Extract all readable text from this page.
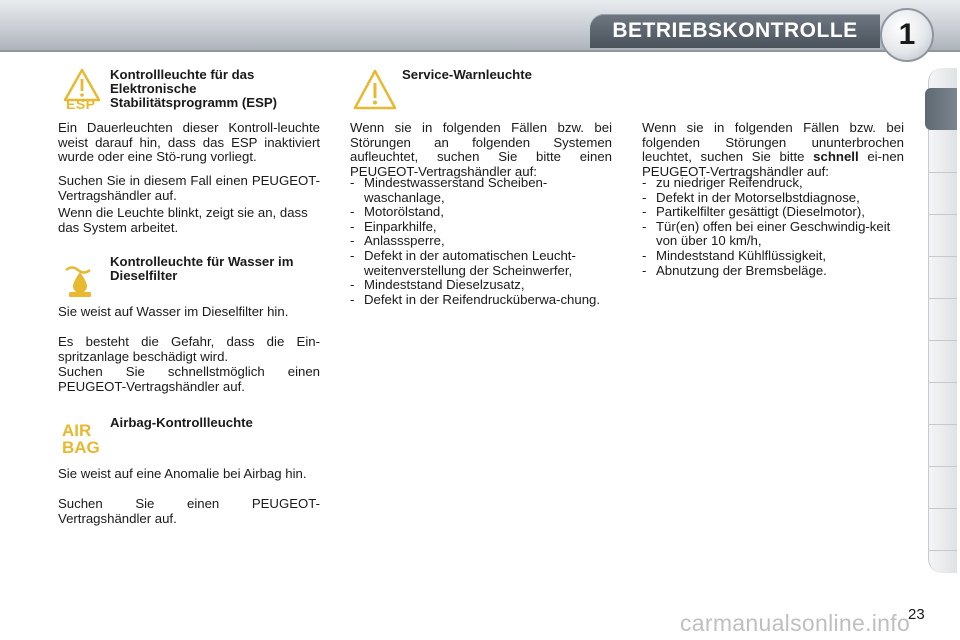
BETRIEBSKONTROLLE	1
ESP

Kontrollleuchte für das Elektronische Stabilitätsprogramm (ESP)

Ein Dauerleuchten dieser Kontroll-leuchte weist darauf hin, dass das ESP inaktiviert wurde oder eine Stö-rung vorliegt.

Suchen Sie in diesem Fall einen PEUGEOT-Vertragshändler auf.

Wenn die Leuchte blinkt, zeigt sie an, dass das System arbeitet.

Kontrolleuchte für Wasser im Dieselfilter

Sie weist auf Wasser im Dieselfilter hin.

Es besteht die Gefahr, dass die Ein-spritzanlage beschädigt wird.

Suchen Sie schnellstmöglich einen PEUGEOT-Vertragshändler auf.

AIR
BAG

Airbag-Kontrollleuchte

Sie weist auf eine Anomalie bei Airbag hin.

Suchen Sie einen PEUGEOT-Vertragshändler auf.

Service-Warnleuchte

Wenn sie in folgenden Fällen bzw. bei Störungen an folgenden Systemen aufleuchtet, suchen Sie bitte einen PEUGEOT-Vertragshändler auf:

- Mindestwasserstand Scheiben-waschanlage,
- Motorölstand,
- Einparkhilfe,
- Anlasssperre,
- Defekt in der automatischen Leucht-weitenverstellung der Scheinwerfer,
- Mindeststand Dieselzusatz,
- Defekt in der Reifendrucküberwa-chung.

Wenn sie in folgenden Fällen bzw. bei folgenden Störungen ununterbrochen leuchtet, suchen Sie bitte schnell ei-nen PEUGEOT-Vertragshändler auf:

- zu niedriger Reifendruck,
- Defekt in der Motorselbstdiagnose,
- Partikelfilter gesättigt (Dieselmotor),
- Tür(en) offen bei einer Geschwindig-keit von über 10 km/h,
- Mindeststand Kühlflüssigkeit,
- Abnutzung der Bremsbeläge.
23
carmanualsonline.info
